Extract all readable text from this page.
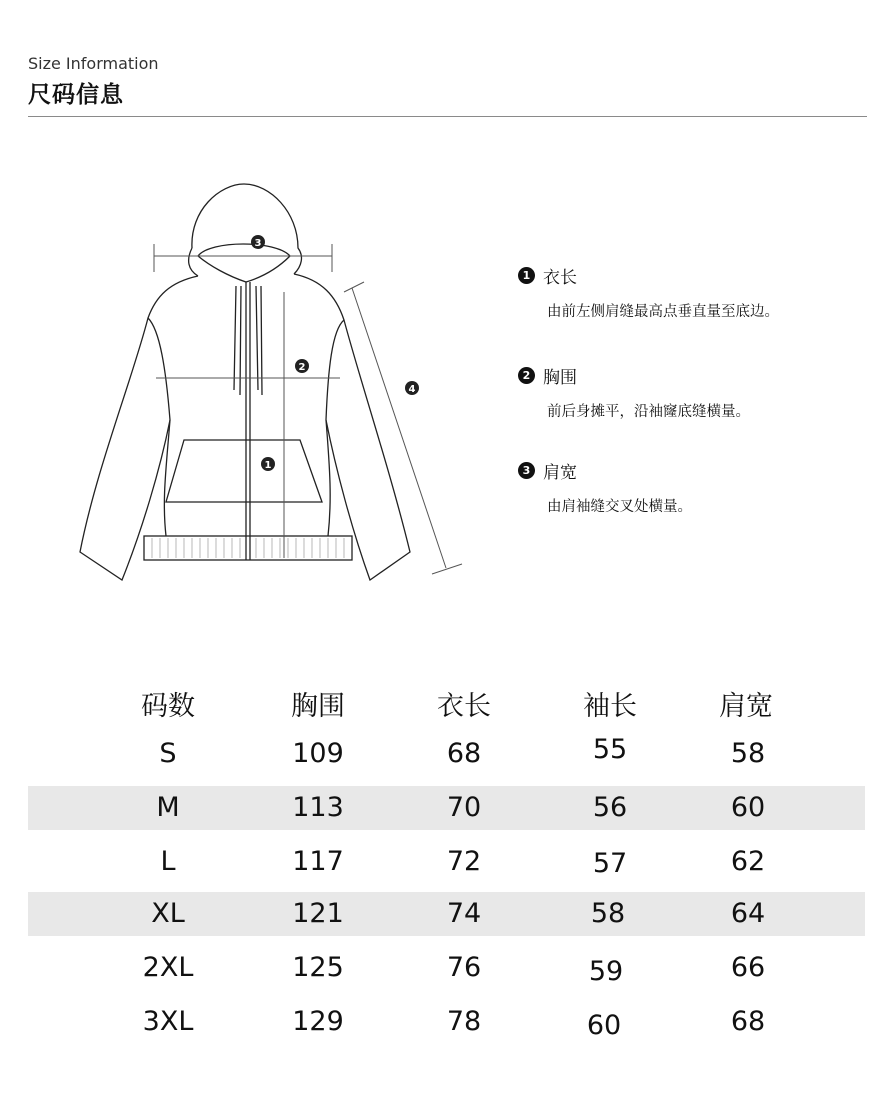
Size Information
尺码信息
3
2
1
4
1 衣长
由前左侧肩缝最高点垂直量至底边。
2 胸围
前后身摊平，沿袖窿底缝横量。
3 肩宽
由肩袖缝交叉处横量。
码数	胸围	衣长	袖长	肩宽
S	109	68	55	58
M	113	70	56	60
L	117	72	57	62
XL	121	74	58	64
2XL	125	76	59	66
3XL	129	78	60	68
